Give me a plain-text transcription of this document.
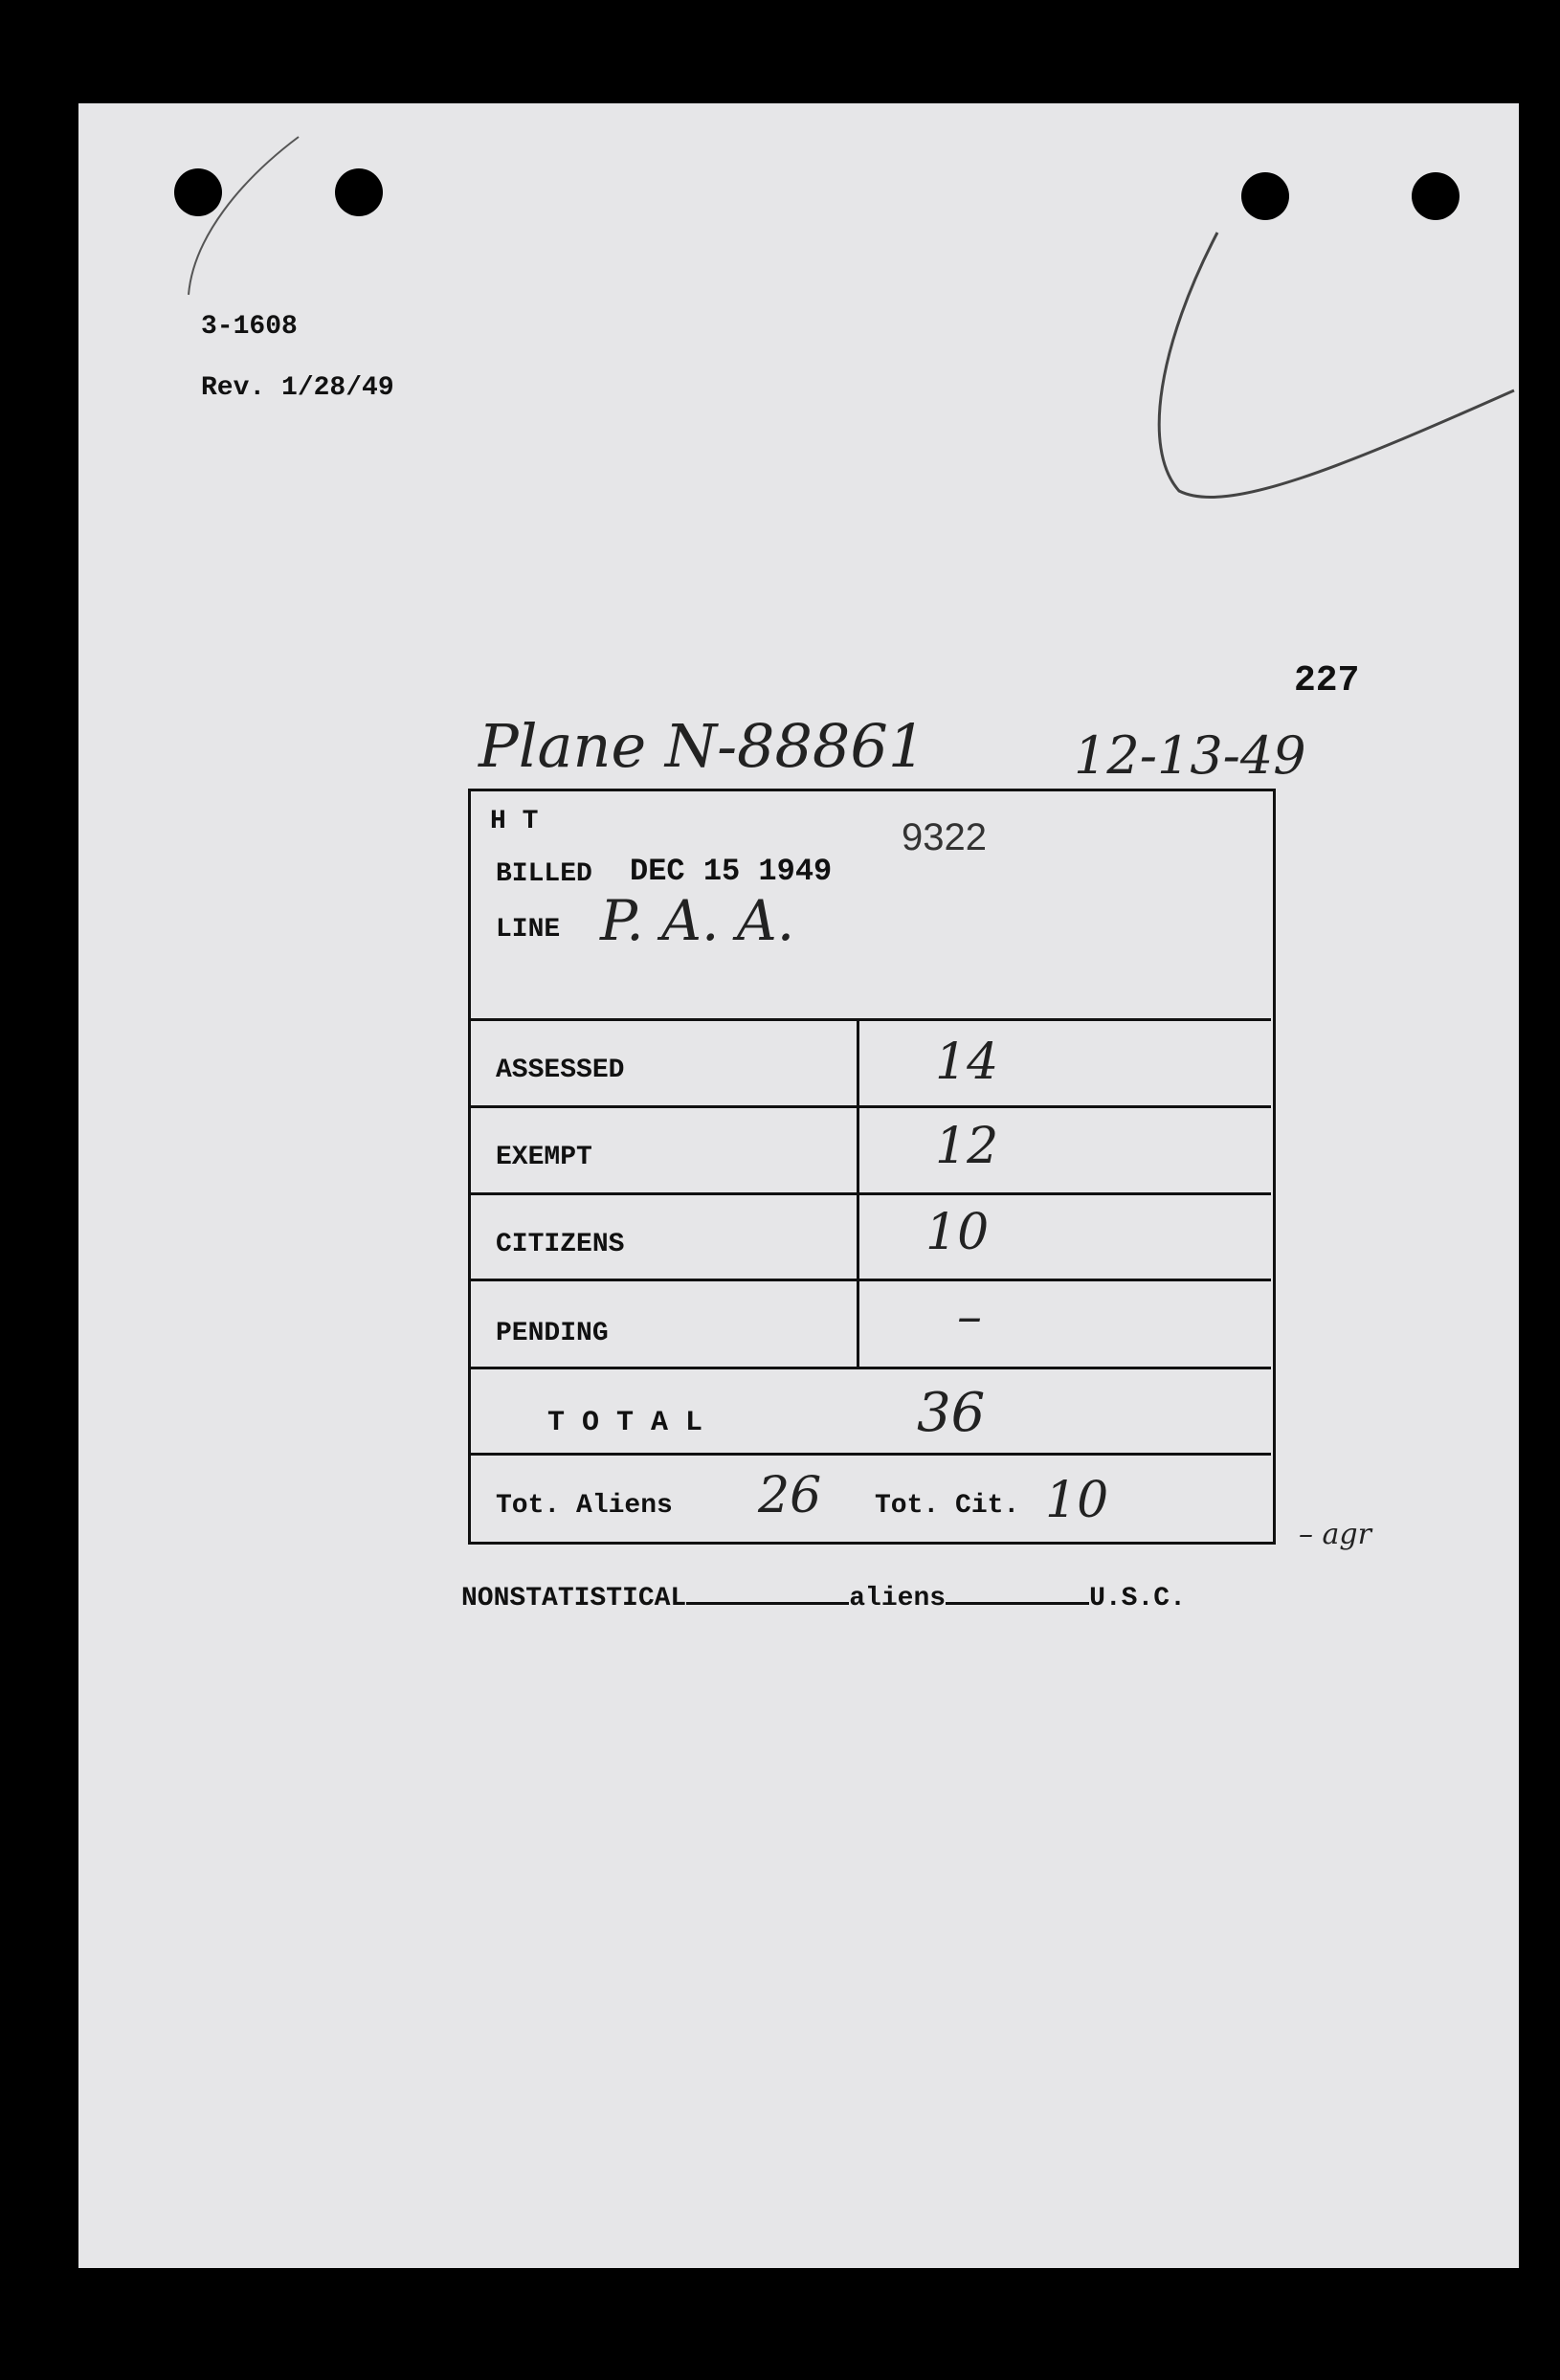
3-1608
Rev. 1/28/49
227
Plane N-88861	12-13-49
H T	9322
BILLED DEC 15 1949
LINE P. A. A.
ASSESSED	14
EXEMPT	12
CITIZENS	10
PENDING	–
T O T A L	36
Tot. Aliens 26 Tot. Cit. 10
– agr
NONSTATISTICAL	aliens	U.S.C.
